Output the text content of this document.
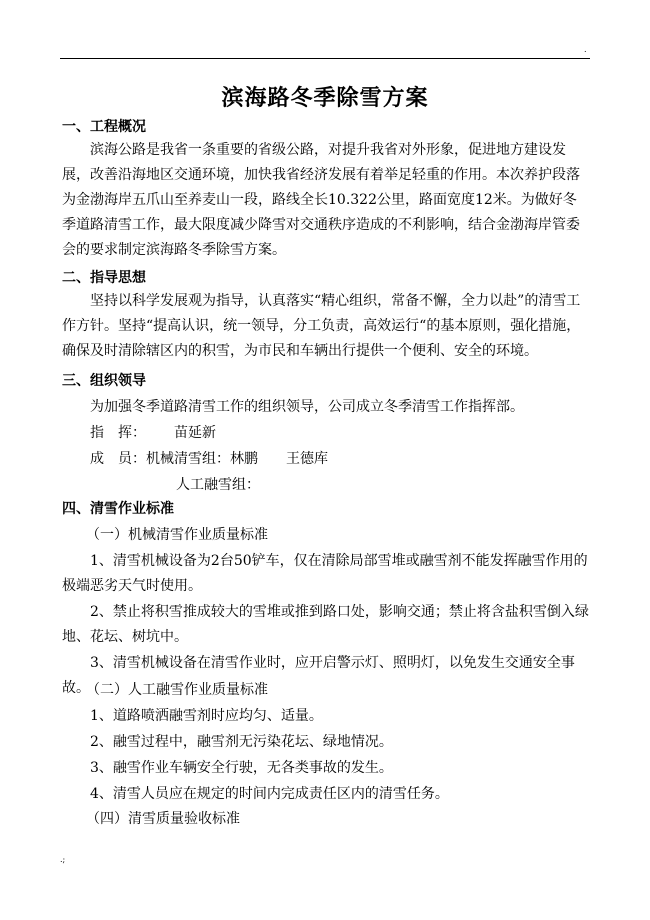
.
滨海路冬季除雪方案
一、工程概况

滨海公路是我省一条重要的省级公路，对提升我省对外形象，促进地方建设发展，改善沿海地区交通环境，加快我省经济发展有着举足轻重的作用。本次养护段落为金渤海岸五爪山至养麦山一段，路线全长10.322公里，路面宽度12米。为做好冬季道路清雪工作，最大限度减少降雪对交通秩序造成的不利影响，结合金渤海岸管委会的要求制定滨海路冬季除雪方案。

二、指导思想

坚持以科学发展观为指导，认真落实“精心组织，常备不懈，全力以赴”的清雪工作方针。坚持“提高认识，统一领导，分工负责，高效运行“的基本原则，强化措施，确保及时清除辖区内的积雪，为市民和车辆出行提供一个便利、安全的环境。

三、组织领导
为加强冬季道路清雪工作的组织领导，公司成立冬季清雪工作指挥部。
指　挥： 苗延新
成　员： 机械清雪组：林鹏　　王德库
人工融雪组：
四、清雪作业标准
（一）机械清雪作业质量标准

1、清雪机械设备为2台50铲车，仅在清除局部雪堆或融雪剂不能发挥融雪作用的极端恶劣天气时使用。

2、禁止将积雪推成较大的雪堆或推到路口处，影响交通；禁止将含盐积雪倒入绿地、花坛、树坑中。

3、清雪机械设备在清雪作业时，应开启警示灯、照明灯，以免发生交通安全事故。

（二）人工融雪作业质量标准
1、道路喷洒融雪剂时应均匀、适量。
2、融雪过程中，融雪剂无污染花坛、绿地情况。
3、融雪作业车辆安全行驶，无各类事故的发生。
4、清雪人员应在规定的时间内完成责任区内的清雪任务。
（四）清雪质量验收标准
.;
